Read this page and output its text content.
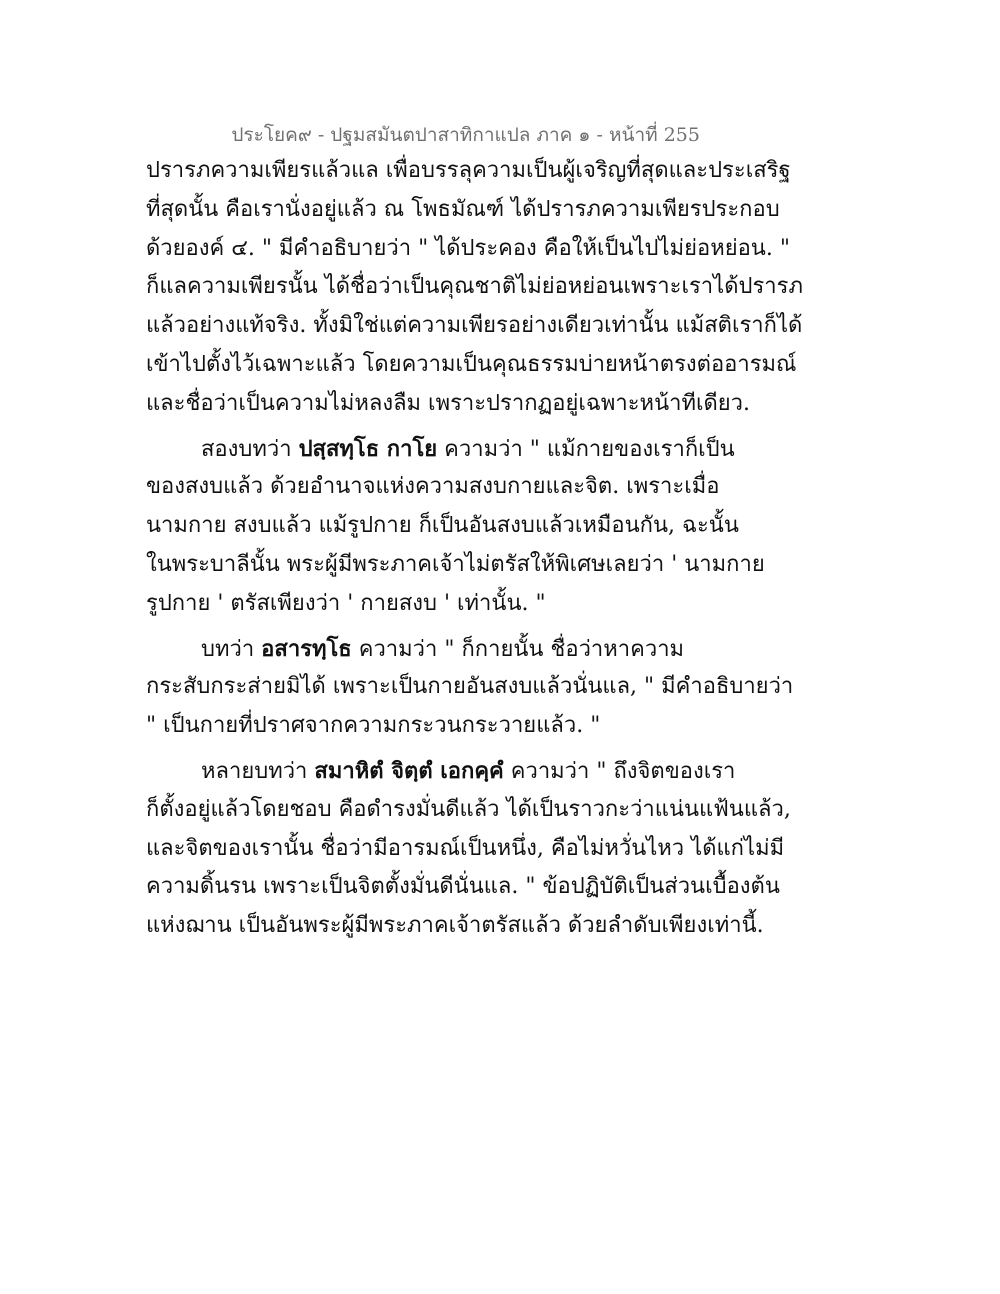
ประโยค๙ - ปฐมสมันตปาสาทิกาแปล ภาค ๑ - หน้าที่ 255
ปรารภความเพียรแล้วแล เพื่อบรรลุความเป็นผู้เจริญที่สุดและประเสริฐ
ที่สุดนั้น คือเรานั่งอยู่แล้ว ณ โพธมัณฑ์ ได้ปรารภความเพียรประกอบ
ด้วยองค์ ๔. " มีคำอธิบายว่า " ได้ประคอง คือให้เป็นไปไม่ย่อหย่อน. "
ก็แลความเพียรนั้น ได้ชื่อว่าเป็นคุณชาติไม่ย่อหย่อนเพราะเราได้ปรารภ
แล้วอย่างแท้จริง. ทั้งมิใช่แต่ความเพียรอย่างเดียวเท่านั้น แม้สติเราก็ได้
เข้าไปตั้งไว้เฉพาะแล้ว โดยความเป็นคุณธรรมบ่ายหน้าตรงต่ออารมณ์
และชื่อว่าเป็นความไม่หลงลืม เพราะปรากฏอยู่เฉพาะหน้าทีเดียว.
สองบทว่า ปสฺสทฺโธ กาโย ความว่า " แม้กายของเราก็เป็น
ของสงบแล้ว ด้วยอำนาจแห่งความสงบกายและจิต. เพราะเมื่อ
นามกาย สงบแล้ว แม้รูปกาย ก็เป็นอันสงบแล้วเหมือนกัน, ฉะนั้น
ในพระบาลีนั้น พระผู้มีพระภาคเจ้าไม่ตรัสให้พิเศษเลยว่า ' นามกาย
รูปกาย ' ตรัสเพียงว่า ' กายสงบ ' เท่านั้น. "
บทว่า อสารทฺโธ ความว่า " ก็กายนั้น ชื่อว่าหาความ
กระสับกระส่ายมิได้ เพราะเป็นกายอันสงบแล้วนั่นแล, " มีคำอธิบายว่า
" เป็นกายที่ปราศจากความกระวนกระวายแล้ว. "
หลายบทว่า สมาหิตํ จิตฺตํ เอกคฺคํ ความว่า " ถึงจิตของเรา
ก็ตั้งอยู่แล้วโดยชอบ คือดำรงมั่นดีแล้ว ได้เป็นราวกะว่าแน่นแฟ้นแล้ว,
และจิตของเรานั้น ชื่อว่ามีอารมณ์เป็นหนึ่ง, คือไม่หวั่นไหว ได้แก่ไม่มี
ความดิ้นรน เพราะเป็นจิตตั้งมั่นดีนั่นแล. " ข้อปฏิบัติเป็นส่วนเบื้องต้น
แห่งฌาน เป็นอันพระผู้มีพระภาคเจ้าตรัสแล้ว ด้วยลำดับเพียงเท่านี้.
